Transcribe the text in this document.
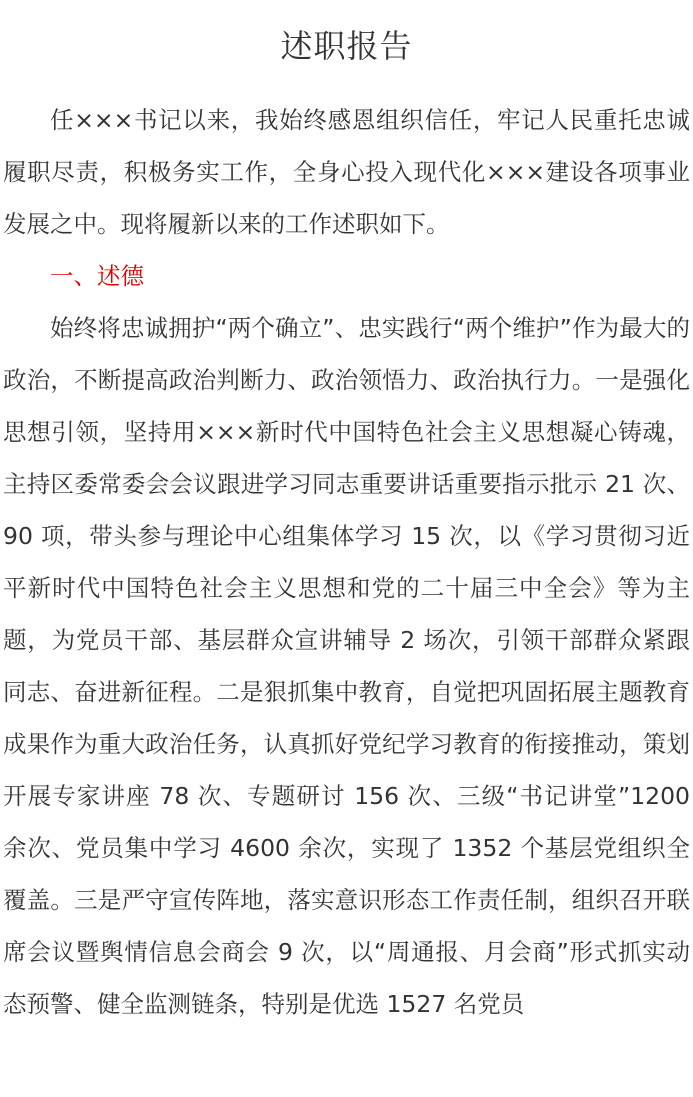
述职报告

任×××书记以来，我始终感恩组织信任，牢记人民重托忠诚履职尽责，积极务实工作，全身心投入现代化×××建设各项事业发展之中。现将履新以来的工作述职如下。

一、述德

始终将忠诚拥护“两个确立”、忠实践行“两个维护”作为最大的政治，不断提高政治判断力、政治领悟力、政治执行力。一是强化思想引领，坚持用×××新时代中国特色社会主义思想凝心铸魂，主持区委常委会会议跟进学习同志重要讲话重要指示批示 21 次、90 项，带头参与理论中心组集体学习 15 次，以《学习贯彻习近平新时代中国特色社会主义思想和党的二十届三中全会》等为主题，为党员干部、基层群众宣讲辅导 2 场次，引领干部群众紧跟同志、奋进新征程。二是狠抓集中教育，自觉把巩固拓展主题教育成果作为重大政治任务，认真抓好党纪学习教育的衔接推动，策划开展专家讲座 78 次、专题研讨 156 次、三级“书记讲堂”1200 余次、党员集中学习 4600 余次，实现了 1352 个基层党组织全覆盖。三是严守宣传阵地，落实意识形态工作责任制，组织召开联席会议暨舆情信息会商会 9 次，以“周通报、月会商”形式抓实动态预警、健全监测链条，特别是优选 1527 名党员
